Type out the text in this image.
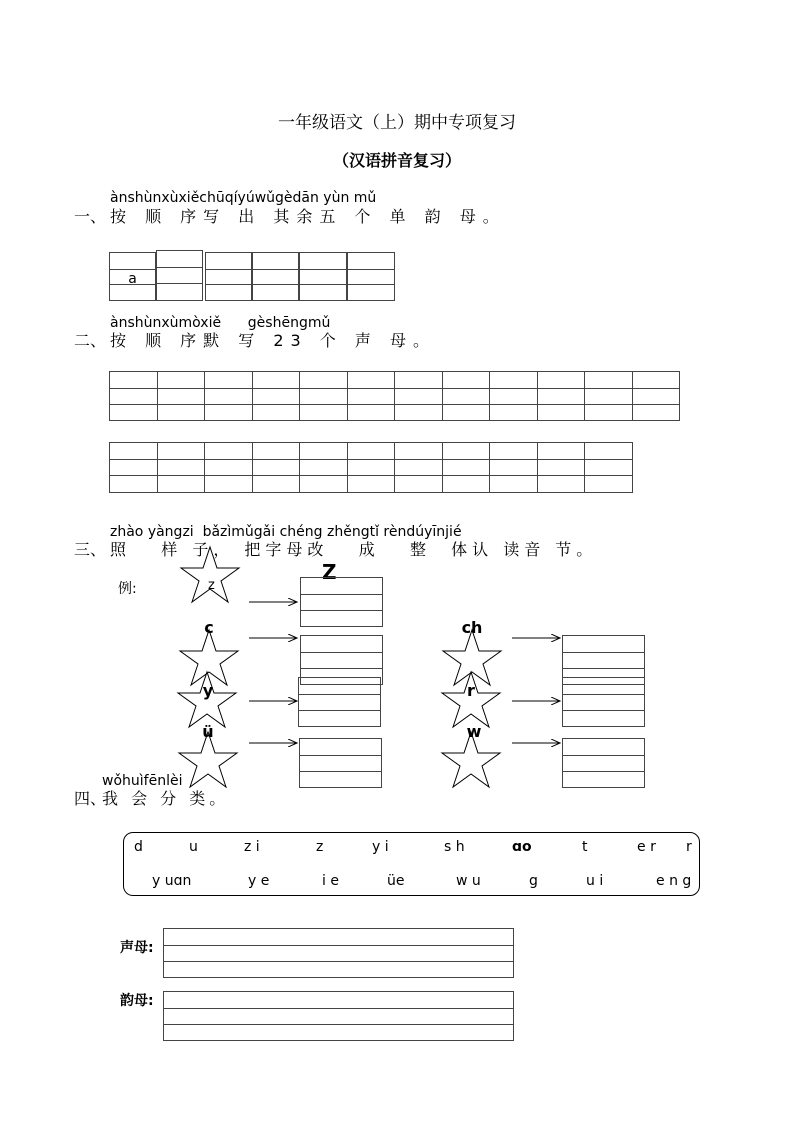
一年级语文（上）期中专项复习
（汉语拼音复习）
ànshùnxùxiěchūqíyúwǔgèdān yùn mǔ
一、 按 顺 序写 出 其余五 个 单 韵 母。
a
ànshùnxùmòxiě      gèshēngmǔ
二、 按 顺 序默 写 23 个 声 母。
zhào yàngzi  bǎzìmǔgǎi chéng zhěngtǐ rèndúyīnjié
三、 照   样 子， 把字母改   成   整  体认 读音 节。
例:	z
c	ch
y	r
ü	w
Z
wǒhuìfēnlèi
四、
我 会 分 类。
d	u	z i	z	y i	s h	ɑo	t	e r r
y uɑn	y e	i e	üe	w u	g	u i	e n g
声母:
韵母:
